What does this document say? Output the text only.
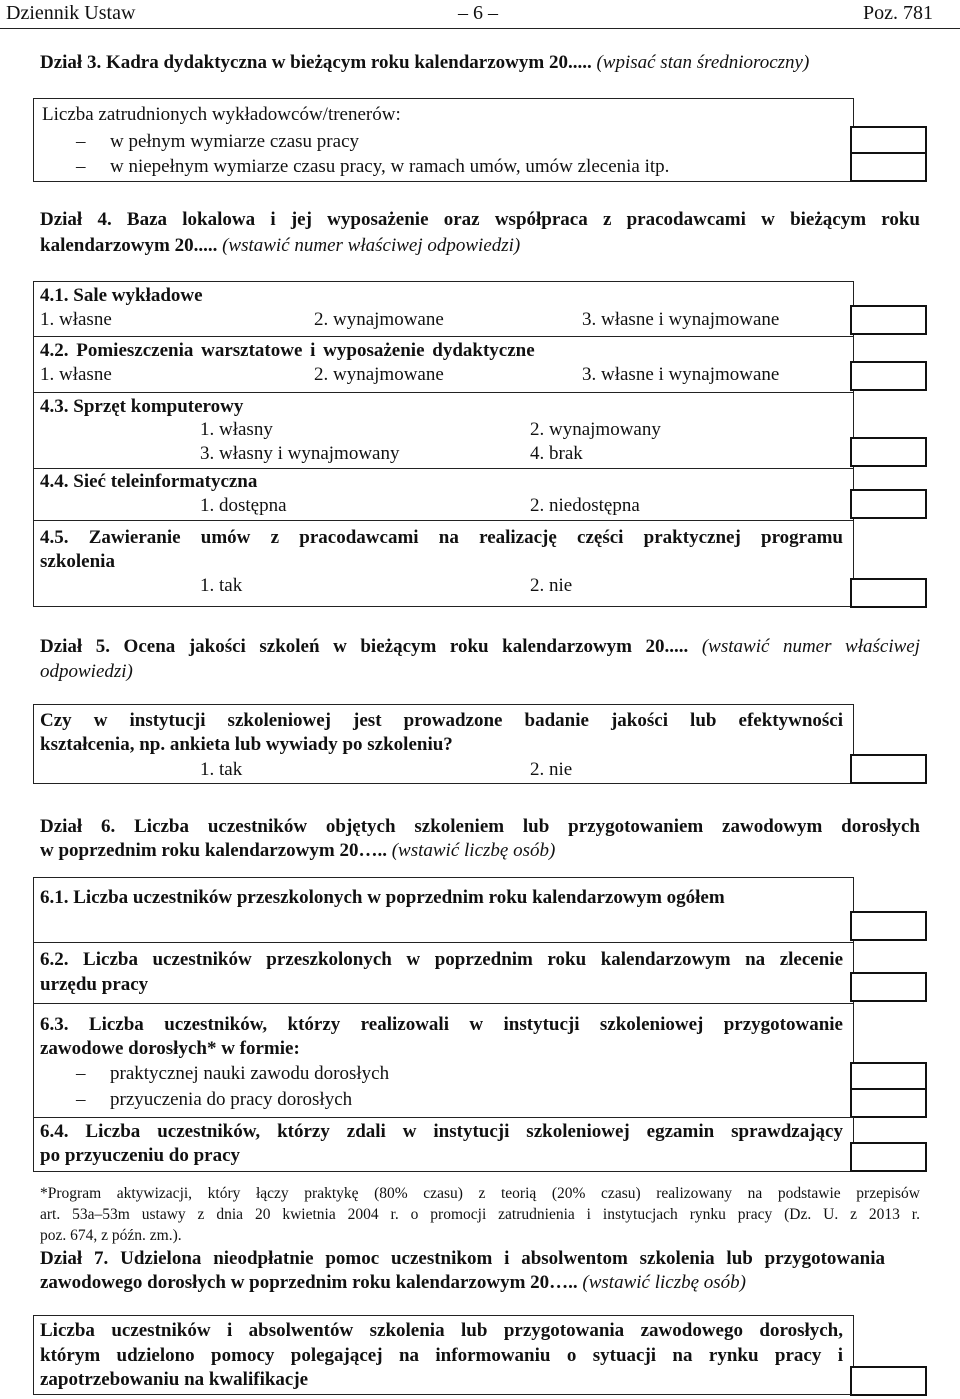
Dziennik Ustaw	– 6 –	Poz. 781
Dział 3. Kadra dydaktyczna w bieżącym roku kalendarzowym 20..... (wpisać stan średnioroczny)
Liczba zatrudnionych wykładowców/trenerów:
– w pełnym wymiarze czasu pracy
– w niepełnym wymiarze czasu pracy, w ramach umów, umów zlecenia itp.
Dział 4. Baza lokalowa i jej wyposażenie oraz współpraca z pracodawcami w bieżącym roku
kalendarzowym 20..... (wstawić numer właściwej odpowiedzi)
4.1. Sale wykładowe
1. własne	2. wynajmowane	3. własne i wynajmowane
4.2. Pomieszczenia warsztatowe i wyposażenie dydaktyczne
1. własne	2. wynajmowane	3. własne i wynajmowane
4.3. Sprzęt komputerowy
1. własny	2. wynajmowany
3. własny i wynajmowany	4. brak
4.4. Sieć teleinformatyczna
1. dostępna	2. niedostępna
4.5. Zawieranie umów z pracodawcami na realizację części praktycznej programu
szkolenia
1. tak	2. nie
Dział 5. Ocena jakości szkoleń w bieżącym roku kalendarzowym 20..... (wstawić numer właściwej
odpowiedzi)
Czy w instytucji szkoleniowej jest prowadzone badanie jakości lub efektywności
kształcenia, np. ankieta lub wywiady po szkoleniu?
1. tak	2. nie
Dział 6. Liczba uczestników objętych szkoleniem lub przygotowaniem zawodowym dorosłych
w poprzednim roku kalendarzowym 20….. (wstawić liczbę osób)
6.1. Liczba uczestników przeszkolonych w poprzednim roku kalendarzowym ogółem
6.2. Liczba uczestników przeszkolonych w poprzednim roku kalendarzowym na zlecenie
urzędu pracy
6.3. Liczba uczestników, którzy realizowali w instytucji szkoleniowej przygotowanie
zawodowe dorosłych* w formie:
– praktycznej nauki zawodu dorosłych
– przyuczenia do pracy dorosłych
6.4. Liczba uczestników, którzy zdali w instytucji szkoleniowej egzamin sprawdzający
po przyuczeniu do pracy
*Program aktywizacji, który łączy praktykę (80% czasu) z teorią (20% czasu) realizowany na podstawie przepisów
art. 53a–53m ustawy z dnia 20 kwietnia 2004 r. o promocji zatrudnienia i instytucjach rynku pracy (Dz. U. z 2013 r.
poz. 674, z późn. zm.).
Dział 7. Udzielona nieodpłatnie pomoc uczestnikom i absolwentom szkolenia lub przygotowania
zawodowego dorosłych w poprzednim roku kalendarzowym 20….. (wstawić liczbę osób)
Liczba uczestników i absolwentów szkolenia lub przygotowania zawodowego dorosłych,
którym udzielono pomocy polegającej na informowaniu o sytuacji na rynku pracy i
zapotrzebowaniu na kwalifikacje
